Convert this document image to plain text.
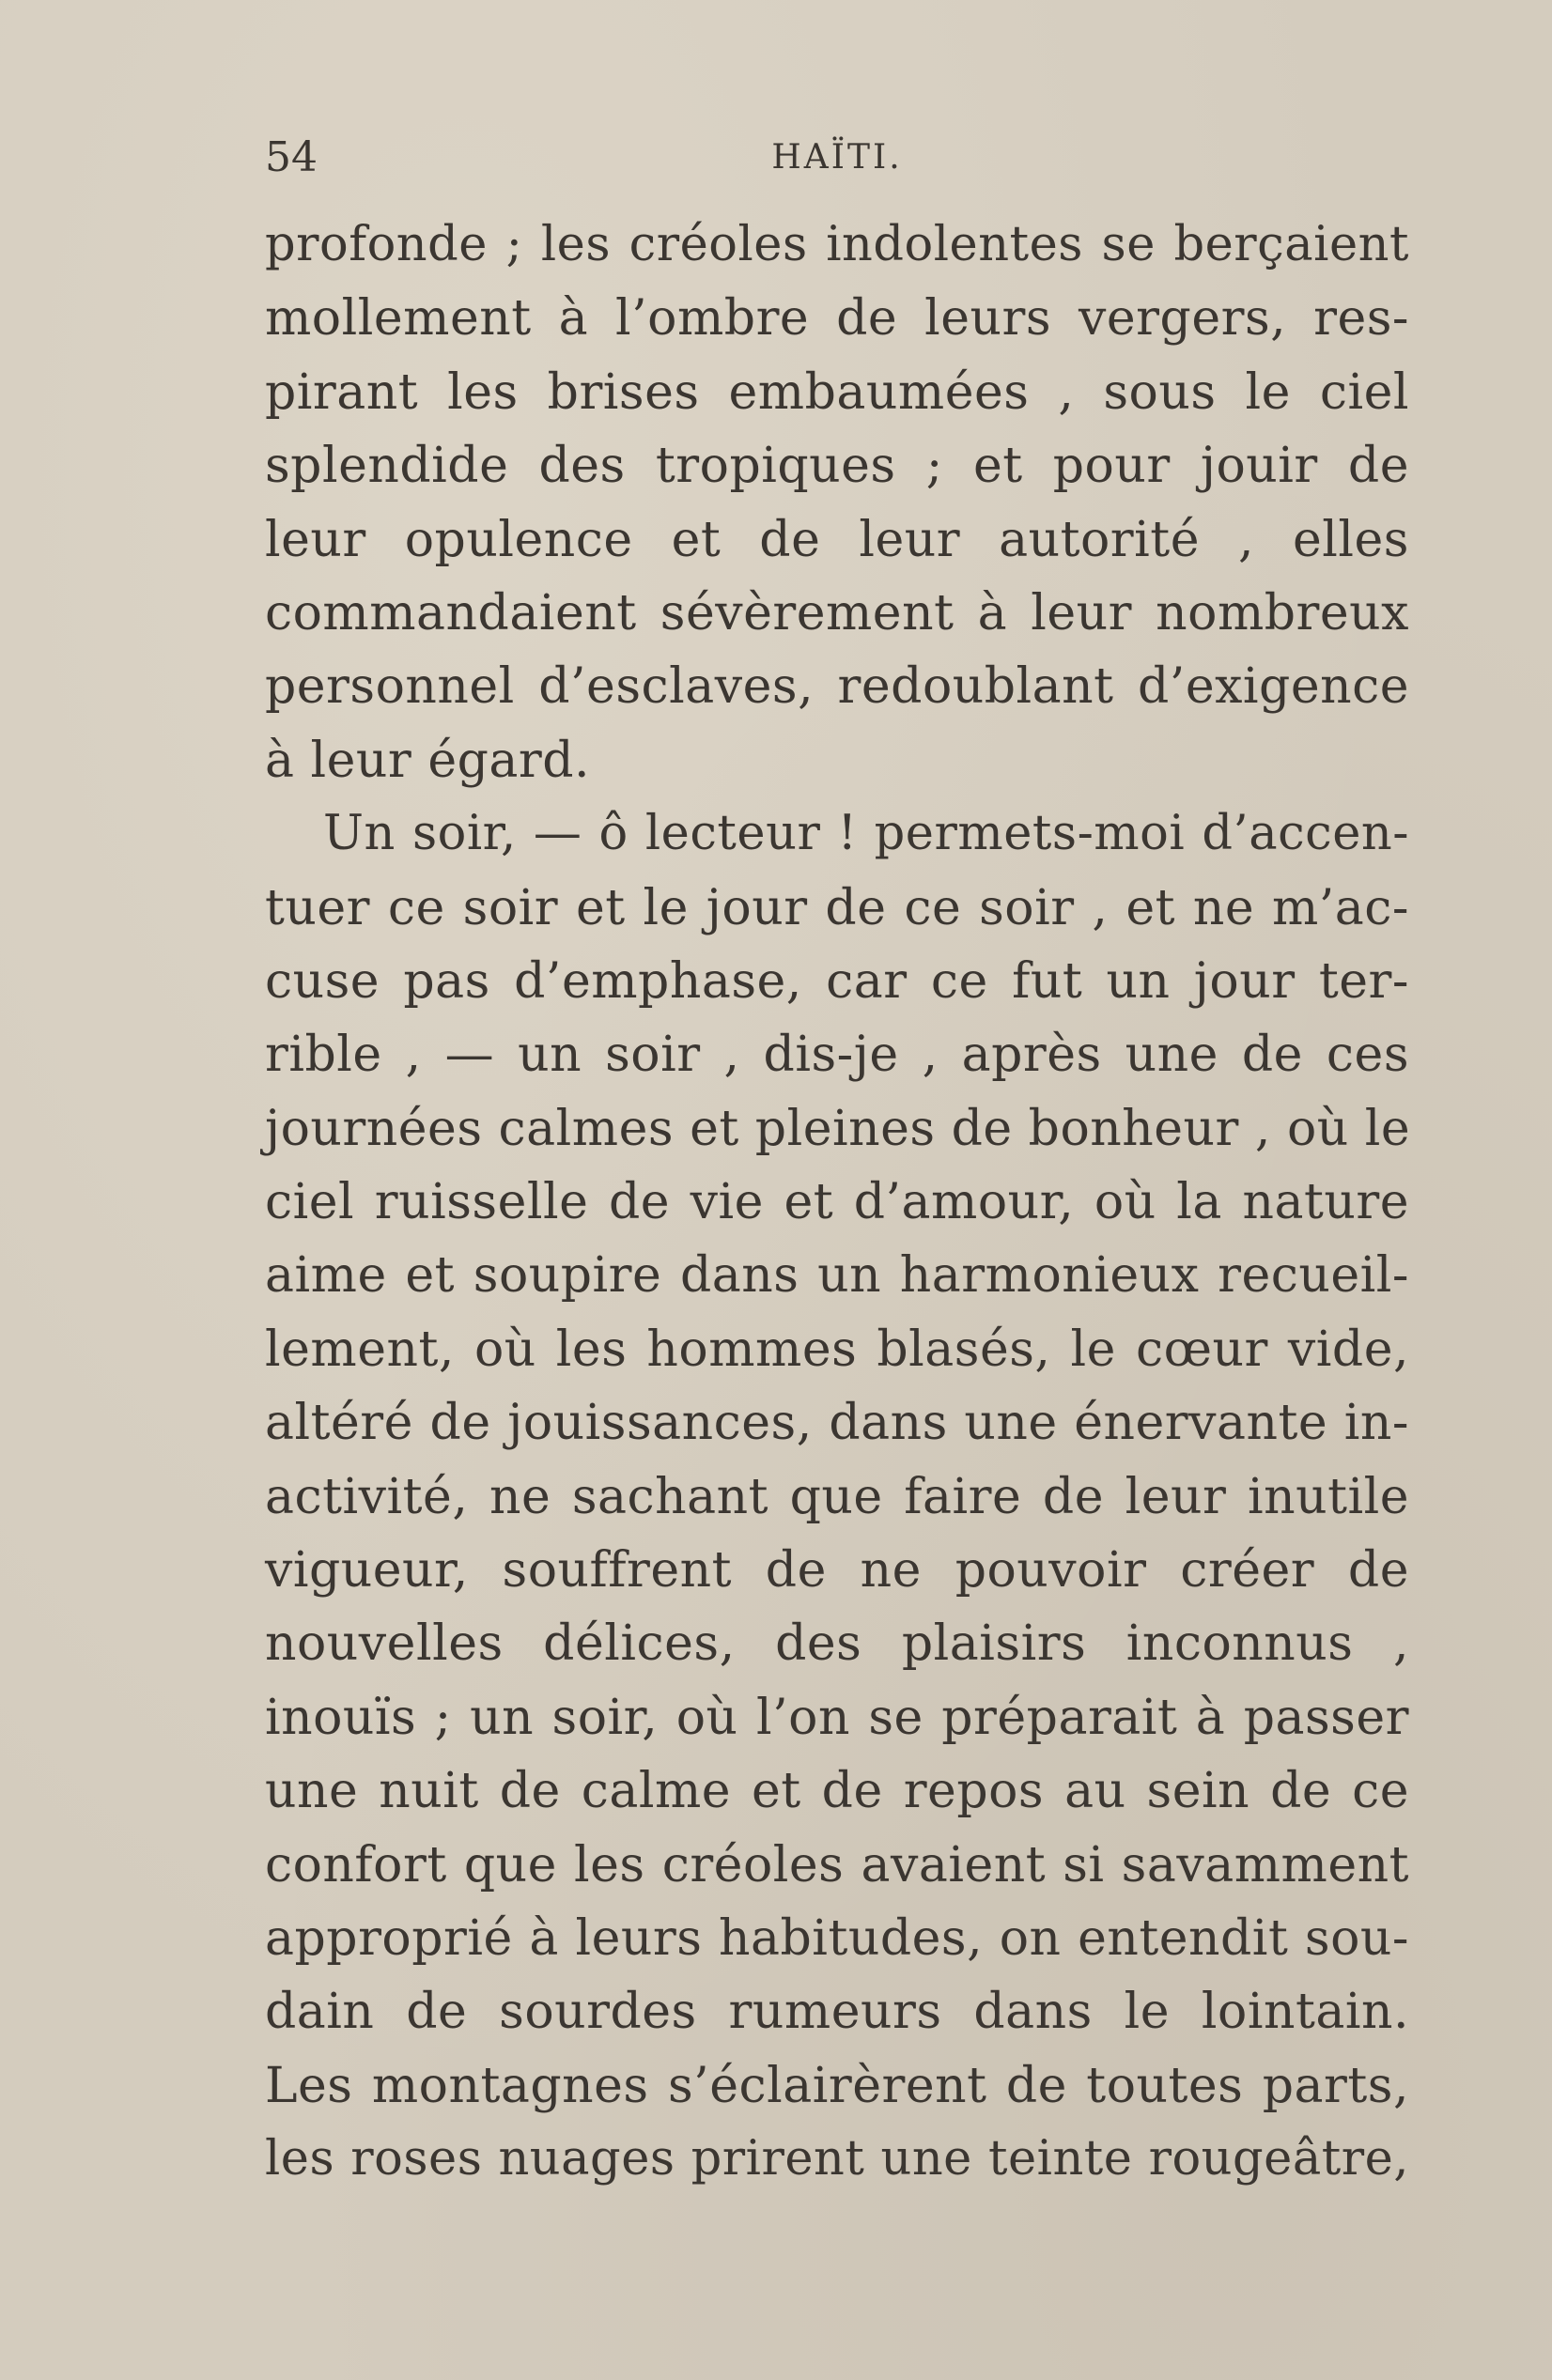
54	HAÏTI.
profonde ; les créoles indolentes se berçaient
mollement à l’ombre de leurs vergers, res-
pirant les brises embaumées , sous le ciel
splendide des tropiques ; et pour jouir de
leur opulence et de leur autorité , elles
commandaient sévèrement à leur nombreux
personnel d’esclaves, redoublant d’exigence
à leur égard.
Un soir, — ô lecteur ! permets-moi d’accen-
tuer ce soir et le jour de ce soir , et ne m’ac-
cuse pas d’emphase, car ce fut un jour ter-
rible , — un soir , dis-je , après une de ces
journées calmes et pleines de bonheur , où le
ciel ruisselle de vie et d’amour, où la nature
aime et soupire dans un harmonieux recueil-
lement, où les hommes blasés, le cœur vide,
altéré de jouissances, dans une énervante in-
activité, ne sachant que faire de leur inutile
vigueur, souffrent de ne pouvoir créer de
nouvelles délices, des plaisirs inconnus ,
inouïs ; un soir, où l’on se préparait à passer
une nuit de calme et de repos au sein de ce
confort que les créoles avaient si savamment
approprié à leurs habitudes, on entendit sou-
dain de sourdes rumeurs dans le lointain.
Les montagnes s’éclairèrent de toutes parts,
les roses nuages prirent une teinte rougeâtre,
